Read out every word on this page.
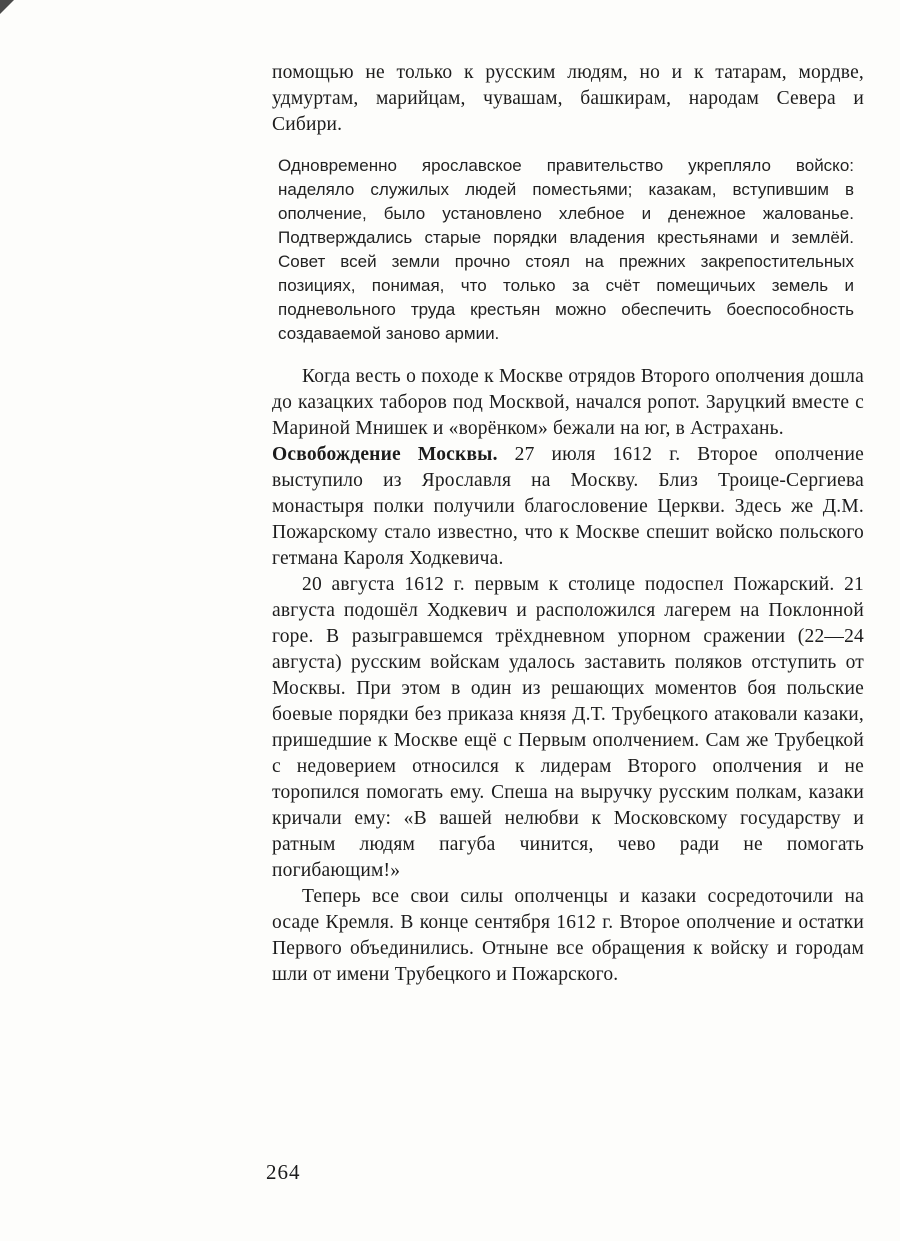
помощью не только к русским людям, но и к татарам, мордве, удмуртам, марийцам, чувашам, башкирам, народам Севера и Сибири.

Одновременно ярославское правительство укрепляло войско: наделяло служилых людей поместьями; казакам, вступившим в ополчение, было установлено хлебное и денежное жалованье. Подтверждались старые порядки владения крестьянами и землёй. Совет всей земли прочно стоял на прежних закрепостительных позициях, понимая, что только за счёт помещичьих земель и подневольного труда крестьян можно обеспечить боеспособность создаваемой заново армии.

Когда весть о походе к Москве отрядов Второго ополчения дошла до казацких таборов под Москвой, начался ропот. Заруцкий вместе с Мариной Мнишек и «ворёнком» бежали на юг, в Астрахань.

Освобождение Москвы. 27 июля 1612 г. Второе ополчение выступило из Ярославля на Москву. Близ Троице-Сергиева монастыря полки получили благословение Церкви. Здесь же Д.М. Пожарскому стало известно, что к Москве спешит войско польского гетмана Кароля Ходкевича.

20 августа 1612 г. первым к столице подоспел Пожарский. 21 августа подошёл Ходкевич и расположился лагерем на Поклонной горе. В разыгравшемся трёхдневном упорном сражении (22—24 августа) русским войскам удалось заставить поляков отступить от Москвы. При этом в один из решающих моментов боя польские боевые порядки без приказа князя Д.Т. Трубецкого атаковали казаки, пришедшие к Москве ещё с Первым ополчением. Сам же Трубецкой с недоверием относился к лидерам Второго ополчения и не торопился помогать ему. Спеша на выручку русским полкам, казаки кричали ему: «В вашей нелюбви к Московскому государству и ратным людям пагуба чинится, чево ради не помогать погибающим!»

Теперь все свои силы ополченцы и казаки сосредоточили на осаде Кремля. В конце сентября 1612 г. Второе ополчение и остатки Первого объединились. Отныне все обращения к войску и городам шли от имени Трубецкого и Пожарского.

264
